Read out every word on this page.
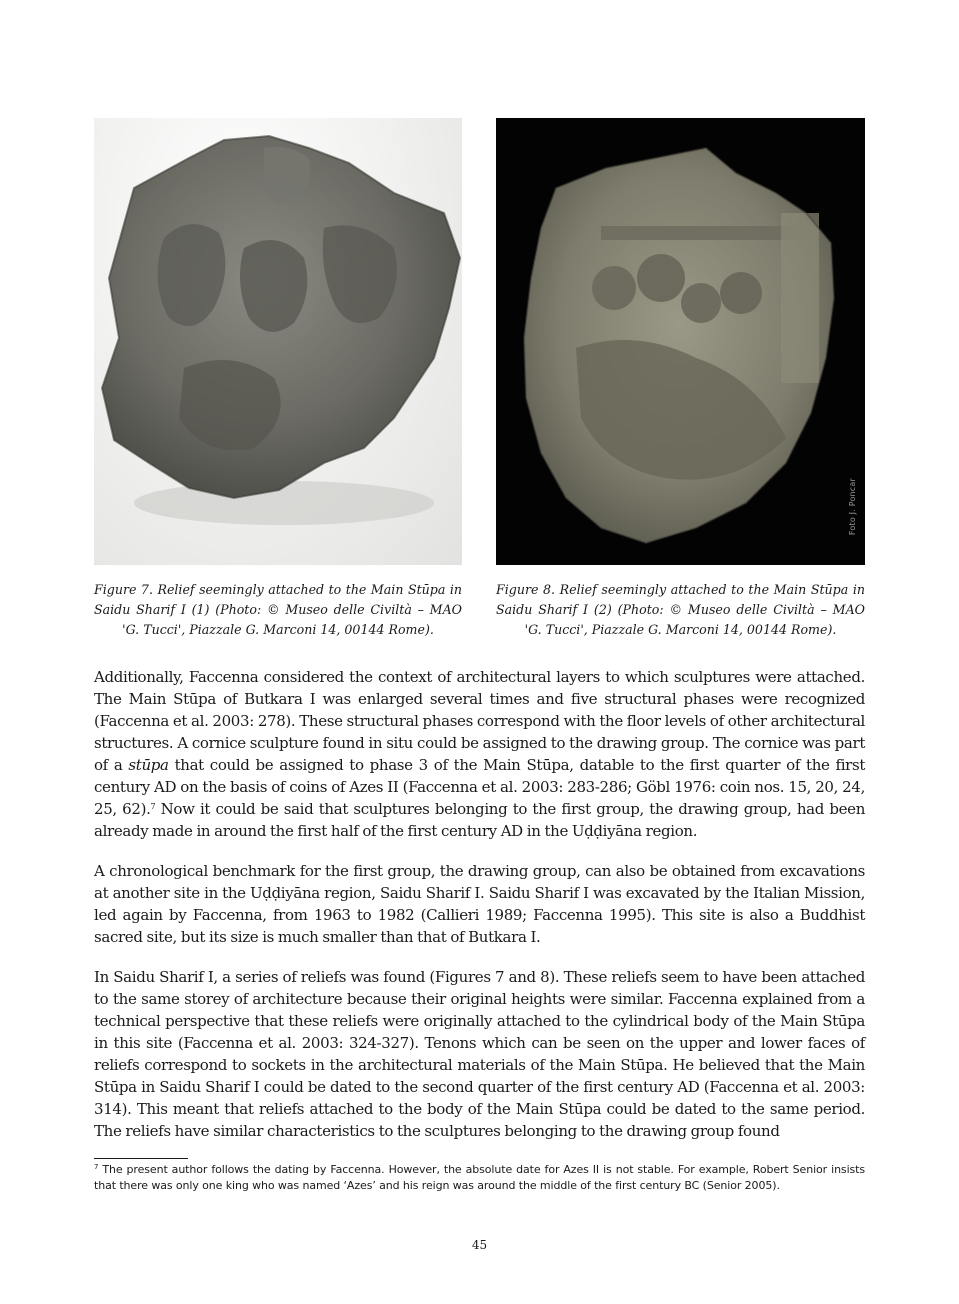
Foto J. Poncar
Figure 7. Relief seemingly attached to the Main Stūpa in Saidu Sharif I (1) (Photo: © Museo delle Civiltà – MAO 'G. Tucci', Piazzale G. Marconi 14, 00144 Rome).
Figure 8. Relief seemingly attached to the Main Stūpa in Saidu Sharif I (2) (Photo: © Museo delle Civiltà – MAO 'G. Tucci', Piazzale G. Marconi 14, 00144 Rome).

Additionally, Faccenna considered the context of architectural layers to which sculptures were attached. The Main Stūpa of Butkara I was enlarged several times and five structural phases were recognized (Faccenna et al. 2003: 278). These structural phases correspond with the floor levels of other architectural structures. A cornice sculpture found in situ could be assigned to the drawing group. The cornice was part of a stūpa that could be assigned to phase 3 of the Main Stūpa, datable to the first quarter of the first century AD on the basis of coins of Azes II (Faccenna et al. 2003: 283-286; Göbl 1976: coin nos. 15, 20, 24, 25, 62).$^7$ Now it could be said that sculptures belonging to the first group, the drawing group, had been already made in around the first half of the first century AD in the Uḍḍiyāna region.

A chronological benchmark for the first group, the drawing group, can also be obtained from excavations at another site in the Uḍḍiyāna region, Saidu Sharif I. Saidu Sharif I was excavated by the Italian Mission, led again by Faccenna, from 1963 to 1982 (Callieri 1989; Faccenna 1995). This site is also a Buddhist sacred site, but its size is much smaller than that of Butkara I.

In Saidu Sharif I, a series of reliefs was found (Figures 7 and 8). These reliefs seem to have been attached to the same storey of architecture because their original heights were similar. Faccenna explained from a technical perspective that these reliefs were originally attached to the cylindrical body of the Main Stūpa in this site (Faccenna et al. 2003: 324-327). Tenons which can be seen on the upper and lower faces of reliefs correspond to sockets in the architectural materials of the Main Stūpa. He believed that the Main Stūpa in Saidu Sharif I could be dated to the second quarter of the first century AD (Faccenna et al. 2003: 314). This meant that reliefs attached to the body of the Main Stūpa could be dated to the same period. The reliefs have similar characteristics to the sculptures belonging to the drawing group found

$^7$ The present author follows the dating by Faccenna. However, the absolute date for Azes II is not stable. For example, Robert Senior insists that there was only one king who was named ‘Azes’ and his reign was around the middle of the first century BC (Senior 2005).

45
